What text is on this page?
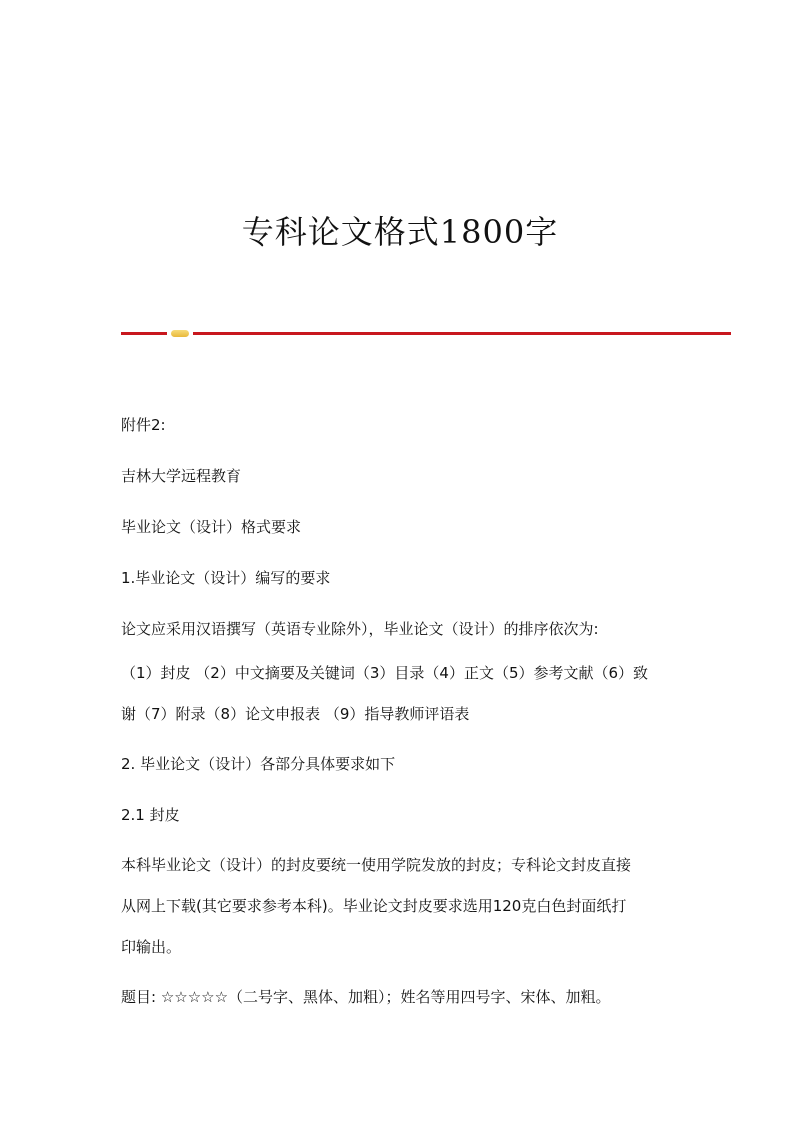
专科论文格式1800字

附件2:

吉林大学远程教育

毕业论文（设计）格式要求

1.毕业论文（设计）编写的要求

论文应采用汉语撰写（英语专业除外），毕业论文（设计）的排序依次为:

（1）封皮 （2）中文摘要及关键词（3）目录（4）正文（5）参考文献（6）致

谢（7）附录（8）论文申报表 （9）指导教师评语表

2. 毕业论文（设计）各部分具体要求如下

2.1 封皮

本科毕业论文（设计）的封皮要统一使用学院发放的封皮；专科论文封皮直接

从网上下载(其它要求参考本科)。毕业论文封皮要求选用120克白色封面纸打

印输出。

题目: ☆☆☆☆☆（二号字、黑体、加粗）；姓名等用四号字、宋体、加粗。
